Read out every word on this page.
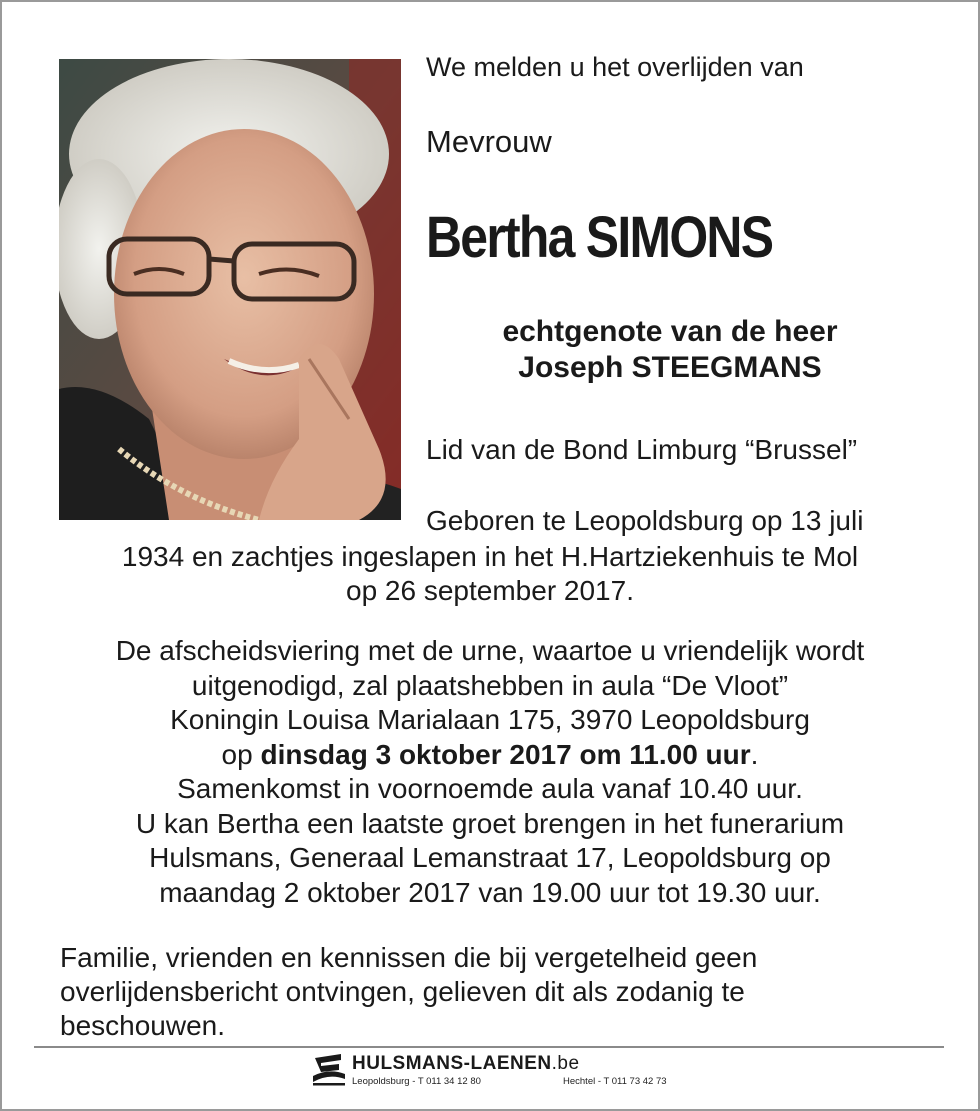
We melden u het overlijden van
Mevrouw
Bertha SIMONS
echtgenote van de heer
Joseph STEEGMANS
Lid van de Bond Limburg “Brussel”
Geboren te Leopoldsburg op 13 juli
1934 en zachtjes ingeslapen in het H.Hartziekenhuis te Mol
op 26 september 2017.
De afscheidsviering met de urne, waartoe u vriendelijk wordt
uitgenodigd, zal plaatshebben in aula “De Vloot”
Koningin Louisa Marialaan 175, 3970 Leopoldsburg
op dinsdag 3 oktober 2017 om 11.00 uur.
Samenkomst in voornoemde aula vanaf 10.40 uur.
U kan Bertha een laatste groet brengen in het funerarium
Hulsmans, Generaal Lemanstraat 17, Leopoldsburg op
maandag 2 oktober 2017 van 19.00 uur tot 19.30 uur.
Familie, vrienden en kennissen die bij vergetelheid geen
overlijdensbericht ontvingen, gelieven dit als zodanig te
beschouwen.
HULSMANS-LAENEN.be
Leopoldsburg - T 011 34 12 80	Hechtel - T 011 73 42 73
